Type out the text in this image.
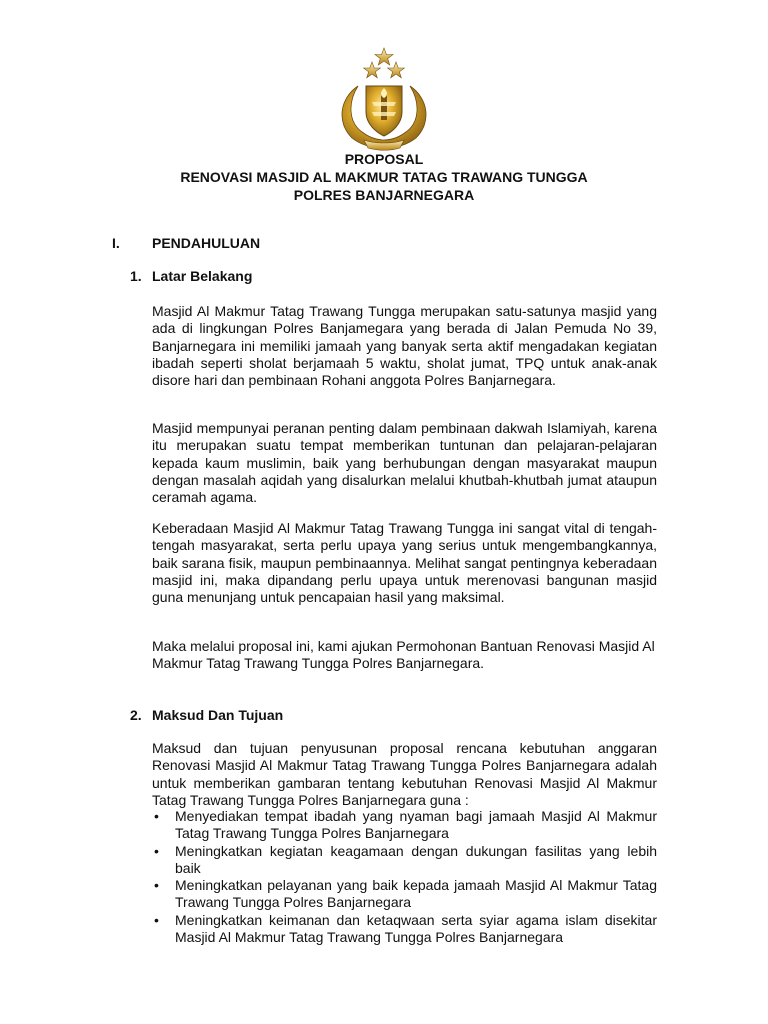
PROPOSAL
RENOVASI MASJID AL MAKMUR TATAG TRAWANG TUNGGA
POLRES BANJARNEGARA
I. PENDAHULUAN
1. Latar Belakang

Masjid Al Makmur Tatag Trawang Tungga merupakan satu-satunya masjid yang ada di lingkungan Polres Banjamegara yang berada di Jalan Pemuda No 39, Banjarnegara ini memiliki jamaah yang banyak serta aktif mengadakan kegiatan ibadah seperti sholat berjamaah 5 waktu, sholat jumat, TPQ untuk anak-anak disore hari dan pembinaan Rohani anggota Polres Banjarnegara.

Masjid mempunyai peranan penting dalam pembinaan dakwah Islamiyah, karena itu merupakan suatu tempat memberikan tuntunan dan pelajaran-pelajaran kepada kaum muslimin, baik yang berhubungan dengan masyarakat maupun dengan masalah aqidah yang disalurkan melalui khutbah-khutbah jumat ataupun ceramah agama.

Keberadaan Masjid Al Makmur Tatag Trawang Tungga ini sangat vital di tengah-tengah masyarakat, serta perlu upaya yang serius untuk mengembangkannya, baik sarana fisik, maupun pembinaannya. Melihat sangat pentingnya keberadaan masjid ini, maka dipandang perlu upaya untuk merenovasi bangunan masjid guna menunjang untuk pencapaian hasil yang maksimal.

Maka melalui proposal ini, kami ajukan Permohonan Bantuan Renovasi Masjid Al Makmur Tatag Trawang Tungga Polres Banjarnegara.

2. Maksud Dan Tujuan

Maksud dan tujuan penyusunan proposal rencana kebutuhan anggaran Renovasi Masjid Al Makmur Tatag Trawang Tungga Polres Banjarnegara adalah untuk memberikan gambaran tentang kebutuhan Renovasi Masjid Al Makmur Tatag Trawang Tungga Polres Banjarnegara guna :

• Menyediakan tempat ibadah yang nyaman bagi jamaah Masjid Al Makmur Tatag Trawang Tungga Polres Banjarnegara
• Meningkatkan kegiatan keagamaan dengan dukungan fasilitas yang lebih baik
• Meningkatkan pelayanan yang baik kepada jamaah Masjid Al Makmur Tatag Trawang Tungga Polres Banjarnegara
• Meningkatkan keimanan dan ketaqwaan serta syiar agama islam disekitar Masjid Al Makmur Tatag Trawang Tungga Polres Banjarnegara
